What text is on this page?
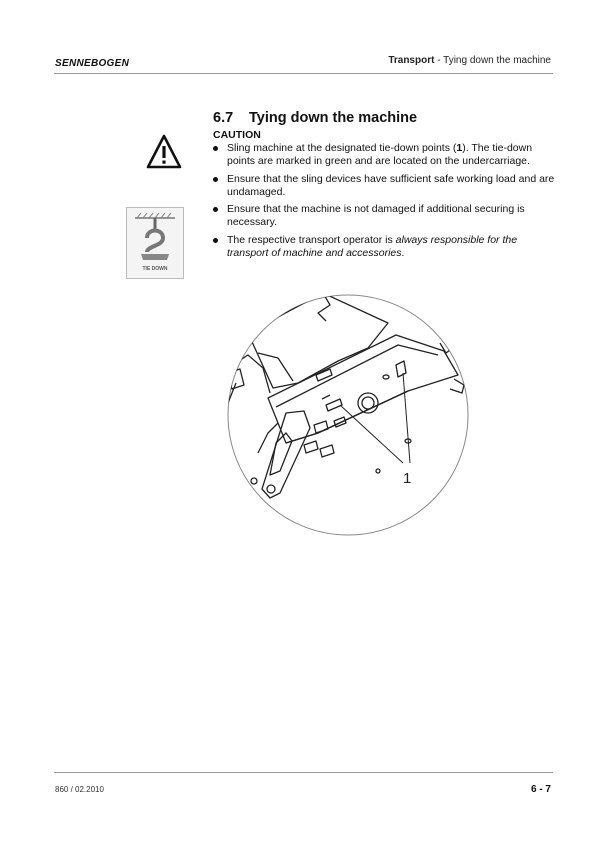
SENNEBOGEN	Transport - Tying down the machine
6.7 Tying down the machine
CAUTION
Sling machine at the designated tie-down points (1). The tie-down points are marked in green and are located on the undercarriage.
Ensure that the sling devices have sufficient safe working load and are undamaged.
Ensure that the machine is not damaged if additional securing is necessary.
The respective transport operator is always responsible for the transport of machine and accessories.
TIE DOWN
1
860 / 02.2010	6 - 7
